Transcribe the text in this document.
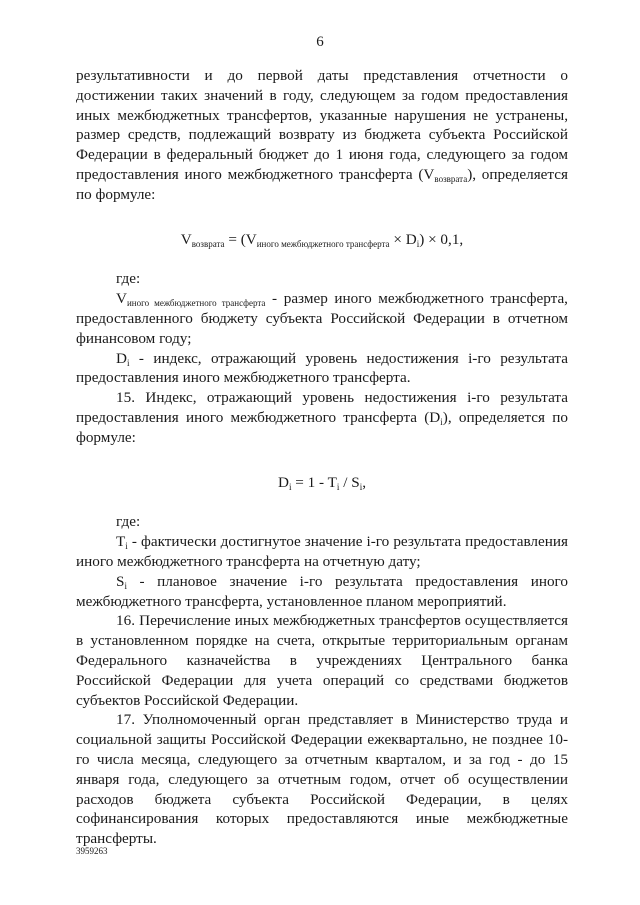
6

результативности и до первой даты представления отчетности о достижении таких значений в году, следующем за годом предоставления иных межбюджетных трансфертов, указанные нарушения не устранены, размер средств, подлежащий возврату из бюджета субъекта Российской Федерации в федеральный бюджет до 1 июня года, следующего за годом предоставления иного межбюджетного трансферта $(V_{возврата})$, определяется по формуле:

$V_{возврата} = (V_{иного межбюджетного трансферта} \times D_i) \times 0,1$,

где:

$V_{иного межбюджетного трансферта}$ - размер иного межбюджетного трансферта, предоставленного бюджету субъекта Российской Федерации в отчетном финансовом году;

$D_i$ - индекс, отражающий уровень недостижения i-го результата предоставления иного межбюджетного трансферта.

15. Индекс, отражающий уровень недостижения i-го результата предоставления иного межбюджетного трансферта $(D_i)$, определяется по формуле:

$D_i = 1 - T_i / S_i$,

где:

$T_i$ - фактически достигнутое значение i-го результата предоставления иного межбюджетного трансферта на отчетную дату;

$S_i$ - плановое значение i-го результата предоставления иного межбюджетного трансферта, установленное планом мероприятий.

16. Перечисление иных межбюджетных трансфертов осуществляется в установленном порядке на счета, открытые территориальным органам Федерального казначейства в учреждениях Центрального банка Российской Федерации для учета операций со средствами бюджетов субъектов Российской Федерации.

17. Уполномоченный орган представляет в Министерство труда и социальной защиты Российской Федерации ежеквартально, не позднее 10-го числа месяца, следующего за отчетным кварталом, и за год - до 15 января года, следующего за отчетным годом, отчет об осуществлении расходов бюджета субъекта Российской Федерации, в целях софинансирования которых предоставляются иные межбюджетные трансферты.

3959263
